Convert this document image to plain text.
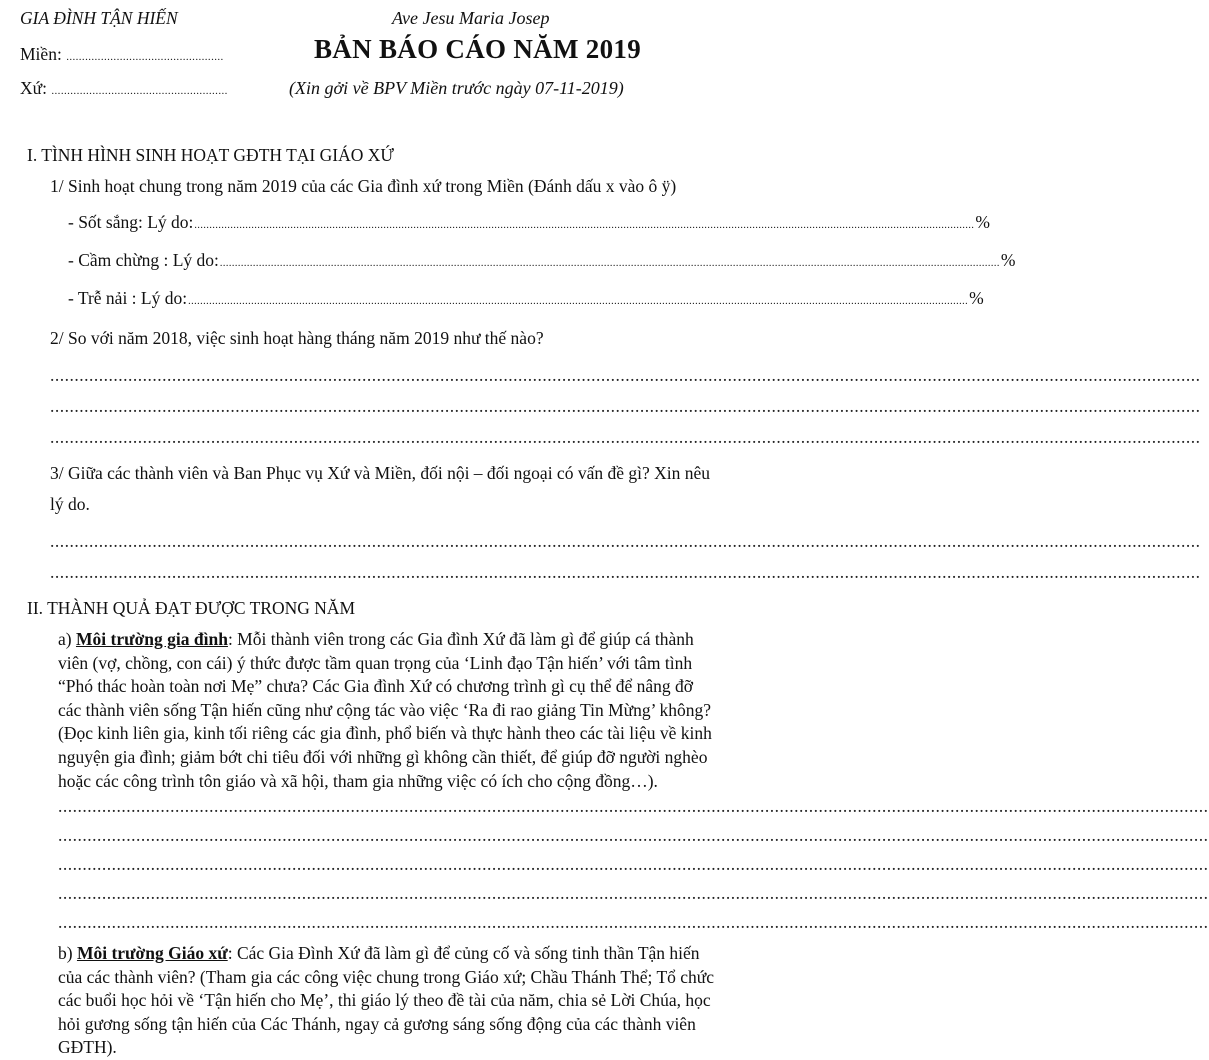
GIA ĐÌNH TẬN HIẾN	Ave Jesu Maria Josep
BẢN BÁO CÁO NĂM 2019
Miền: ..................................................
Xứ: ........................................................	(Xin gởi về BPV Miền trước ngày 07-11-2019)
I. TÌNH HÌNH SINH HOẠT GĐTH TẠI GIÁO XỨ
1/ Sinh hoạt chung trong năm 2019 của các Gia đình xứ trong Miền (Đánh dấu x vào ô ÿ)
- Sốt sắng: Lý do: .................................................................................................................................................................................................................................................................... %
- Cầm chừng : Lý do: .................................................................................................................................................................................................................................................................... %
- Trễ nải : Lý do: .................................................................................................................................................................................................................................................................... %
2/ So với năm 2018, việc sinh hoạt hàng tháng năm 2019 như thế nào?
............................................................................................................................................................................................................................................
............................................................................................................................................................................................................................................
............................................................................................................................................................................................................................................
3/ Giữa các thành viên và Ban Phục vụ Xứ và Miền, đối nội – đối ngoại có vấn đề gì? Xin nêu
lý do.
............................................................................................................................................................................................................................................
............................................................................................................................................................................................................................................
II. THÀNH QUẢ ĐẠT ĐƯỢC TRONG NĂM
a) Môi trường gia đình: Mỗi thành viên trong các Gia đình Xứ đã làm gì để giúp cá thành
viên (vợ, chồng, con cái) ý thức được tầm quan trọng của ‘Linh đạo Tận hiến’ với tâm tình
“Phó thác hoàn toàn nơi Mẹ” chưa? Các Gia đình Xứ có chương trình gì cụ thể để nâng đỡ
các thành viên sống Tận hiến cũng như cộng tác vào việc ‘Ra đi rao giảng Tin Mừng’ không?
(Đọc kinh liên gia, kinh tối riêng các gia đình, phổ biến và thực hành theo các tài liệu về kinh
nguyện gia đình; giảm bớt chi tiêu đối với những gì không cần thiết, để giúp đỡ người nghèo
hoặc các công trình tôn giáo và xã hội, tham gia những việc có ích cho cộng đồng…).
............................................................................................................................................................................................................................................
............................................................................................................................................................................................................................................
............................................................................................................................................................................................................................................
............................................................................................................................................................................................................................................
............................................................................................................................................................................................................................................
b) Môi trường Giáo xứ: Các Gia Đình Xứ đã làm gì để củng cố và sống tinh thần Tận hiến
của các thành viên? (Tham gia các công việc chung trong Giáo xứ; Chầu Thánh Thể; Tổ chức
các buổi học hỏi về ‘Tận hiến cho Mẹ’, thi giáo lý theo đề tài của năm, chia sẻ Lời Chúa, học
hỏi gương sống tận hiến của Các Thánh, ngay cả gương sáng sống động của các thành viên
GĐTH).
